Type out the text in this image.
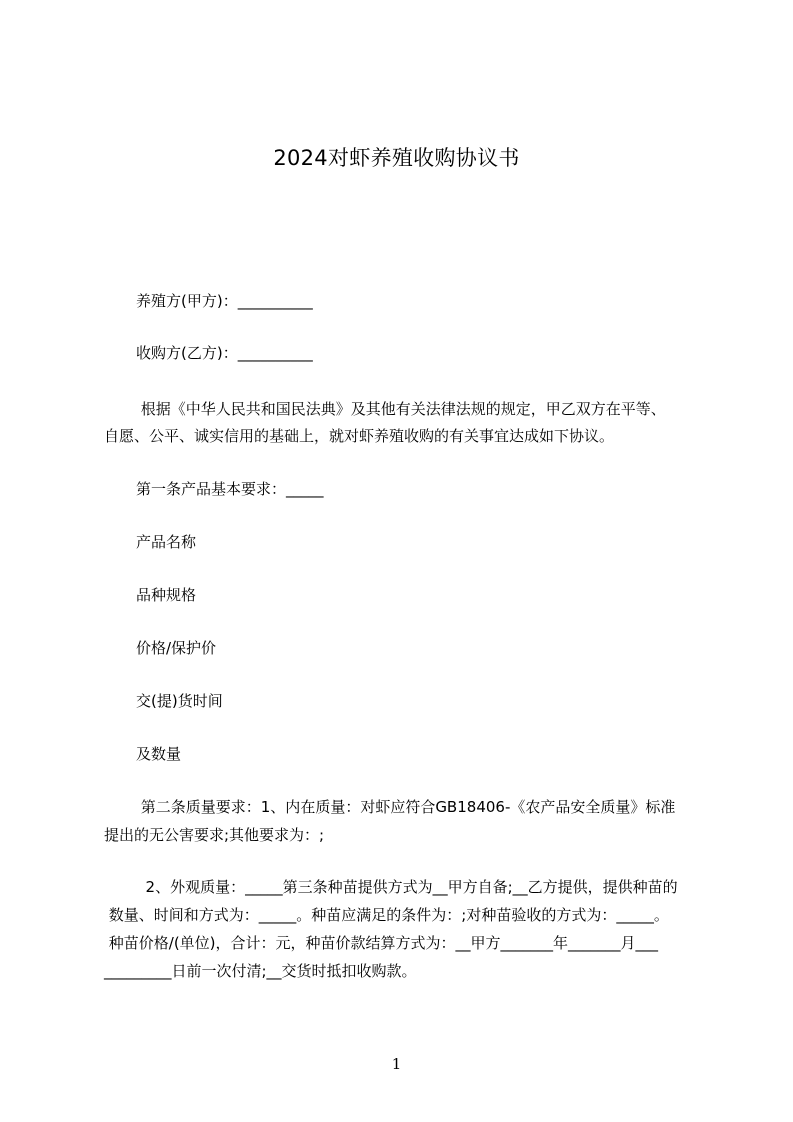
2024对虾养殖收购协议书
养殖方(甲方)：__________
收购方(乙方)：__________
根据《中华人民共和国民法典》及其他有关法律法规的规定，甲乙双方在平等、
自愿、公平、诚实信用的基础上，就对虾养殖收购的有关事宜达成如下协议。
第一条产品基本要求：_____
产品名称
品种规格
价格/保护价
交(提)货时间
及数量
第二条质量要求：1、内在质量：对虾应符合GB18406-《农产品安全质量》标准
提出的无公害要求;其他要求为：;
2、外观质量：_____第三条种苗提供方式为__甲方自备;__乙方提供，提供种苗的
数量、时间和方式为：_____。种苗应满足的条件为：;对种苗验收的方式为：_____。
种苗价格/(单位)，合计：元，种苗价款结算方式为：__甲方_______年_______月___
_________日前一次付清;__交货时抵扣收购款。
1
